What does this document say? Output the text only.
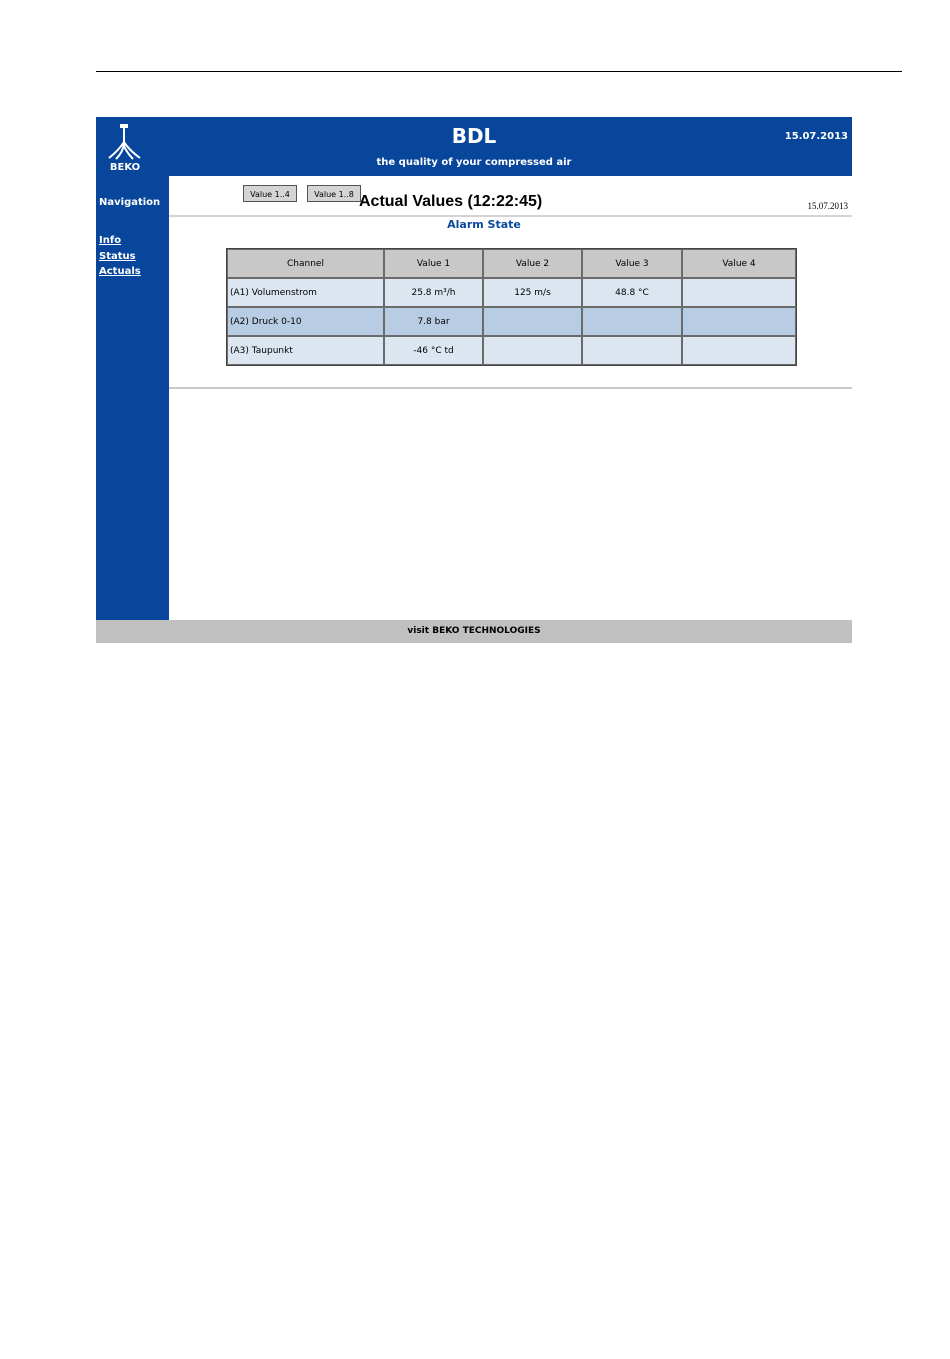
BEKO
BDL
the quality of your compressed air
15.07.2013
Navigation
Info
Status
Actuals
Value 1..4	Value 1..8 Actual Values (12:22:45)	15.07.2013
Alarm State
Channel	Value 1	Value 2	Value 3	Value 4
(A1) Volumenstrom	25.8 m³/h	125 m/s	48.8 °C	
(A2) Druck 0-10	7.8 bar			
(A3) Taupunkt	-46 °C td			
visit BEKO TECHNOLOGIES
